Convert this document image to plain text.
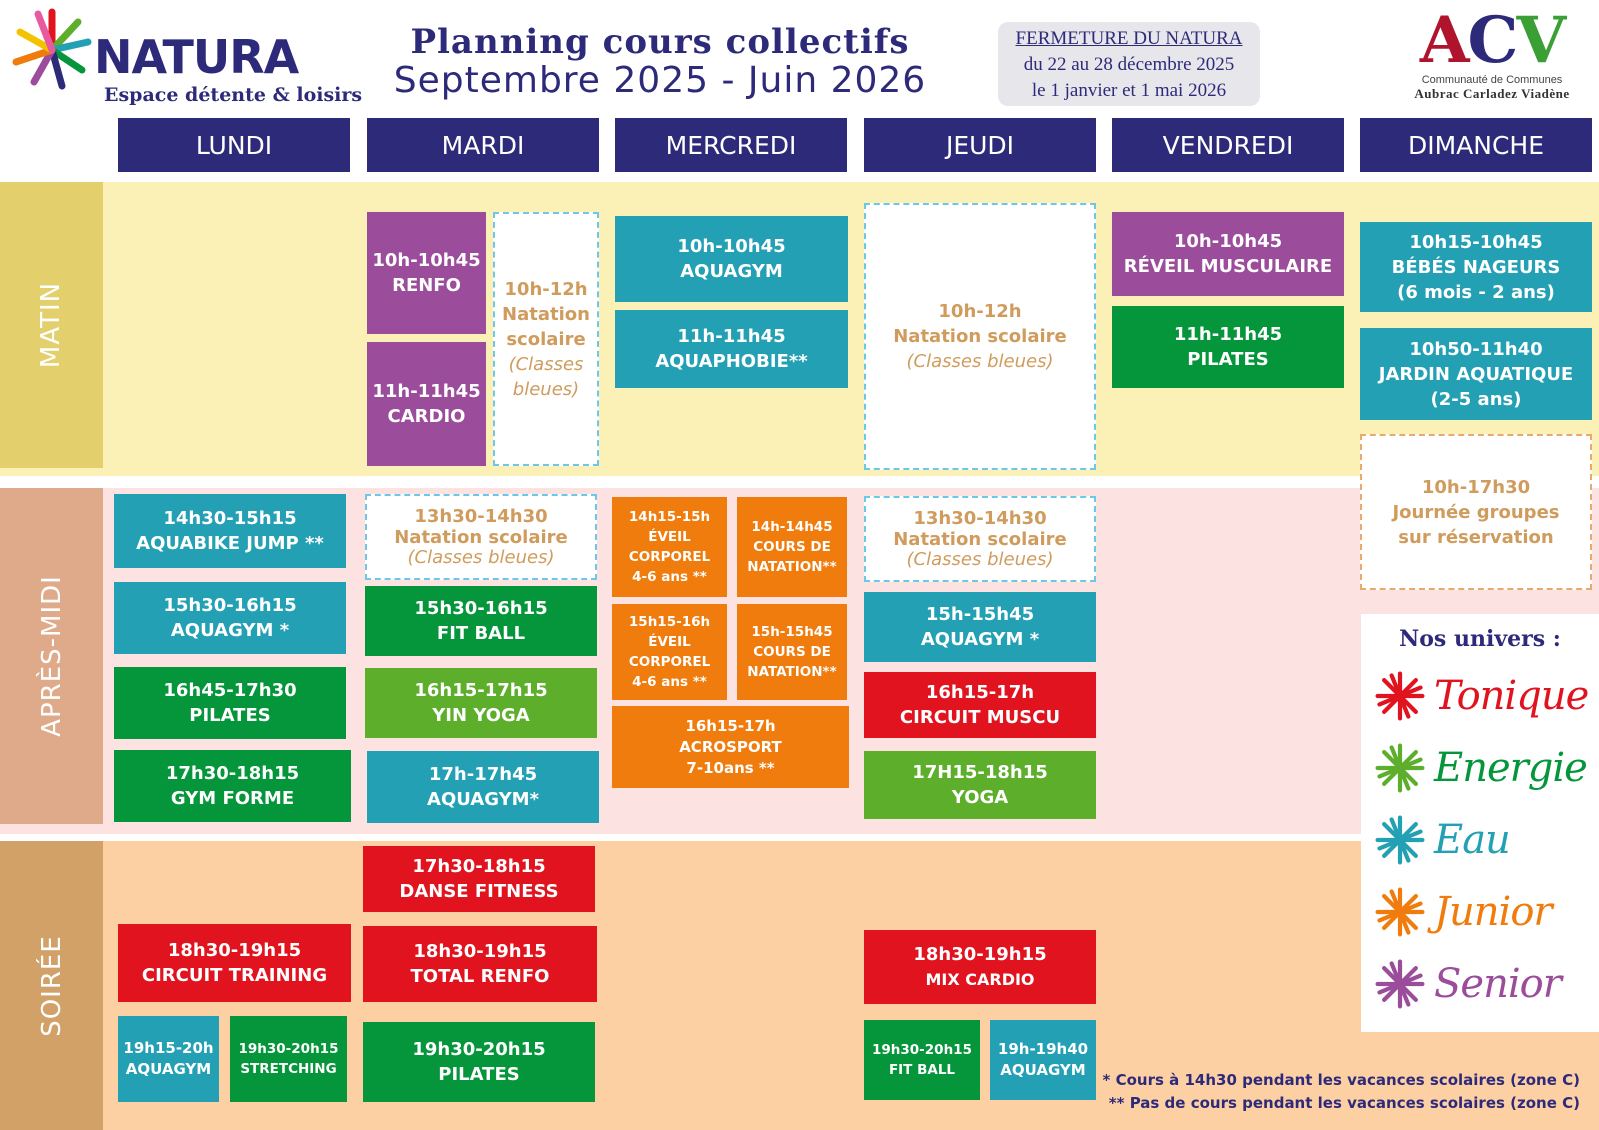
NATURA
Espace détente & loisirs
Planning cours collectifs
Septembre 2025 - Juin 2026
FERMETURE DU NATURA
du 22 au 28 décembre 2025
le 1 janvier et 1 mai 2026
ACV
Communauté de Communes
Aubrac Carladez Viadène
LUNDI	MARDI	MERCREDI	JEUDI	VENDREDI	DIMANCHE
MATIN
APRÈS-MIDI
SOIRÉE
10h-10h45
RENFO
11h-11h45
CARDIO
10h-12h
Natation
scolaire
(Classes
bleues)
10h-10h45
AQUAGYM
11h-11h45
AQUAPHOBIE**
10h-12h
Natation scolaire
(Classes bleues)
10h-10h45
RÉVEIL MUSCULAIRE
11h-11h45
PILATES
10h15-10h45
BÉBÉS NAGEURS
(6 mois - 2 ans)
10h50-11h40
JARDIN AQUATIQUE
(2-5 ans)
10h-17h30
Journée groupes
sur réservation
14h30-15h15
AQUABIKE JUMP **
15h30-16h15
AQUAGYM *
16h45-17h30
PILATES
17h30-18h15
GYM FORME
13h30-14h30
Natation scolaire
(Classes bleues)
15h30-16h15
FIT BALL
16h15-17h15
YIN YOGA
17h-17h45
AQUAGYM*
14h15-15h
ÉVEIL
CORPOREL
4-6 ans **
14h-14h45
COURS DE
NATATION**
15h15-16h
ÉVEIL
CORPOREL
4-6 ans **
15h-15h45
COURS DE
NATATION**
16h15-17h
ACROSPORT
7-10ans **
13h30-14h30
Natation scolaire
(Classes bleues)
15h-15h45
AQUAGYM *
16h15-17h
CIRCUIT MUSCU
17H15-18h15
YOGA
17h30-18h15
DANSE FITNESS
18h30-19h15
CIRCUIT TRAINING
18h30-19h15
TOTAL RENFO
19h15-20h
AQUAGYM
19h30-20h15
STRETCHING
19h30-20h15
PILATES
18h30-19h15
MIX CARDIO
19h30-20h15
FIT BALL
19h-19h40
AQUAGYM
Nos univers :
Tonique
Energie
Eau
Junior
Senior
* Cours à 14h30 pendant les vacances scolaires (zone C)
** Pas de cours pendant les vacances scolaires (zone C)
